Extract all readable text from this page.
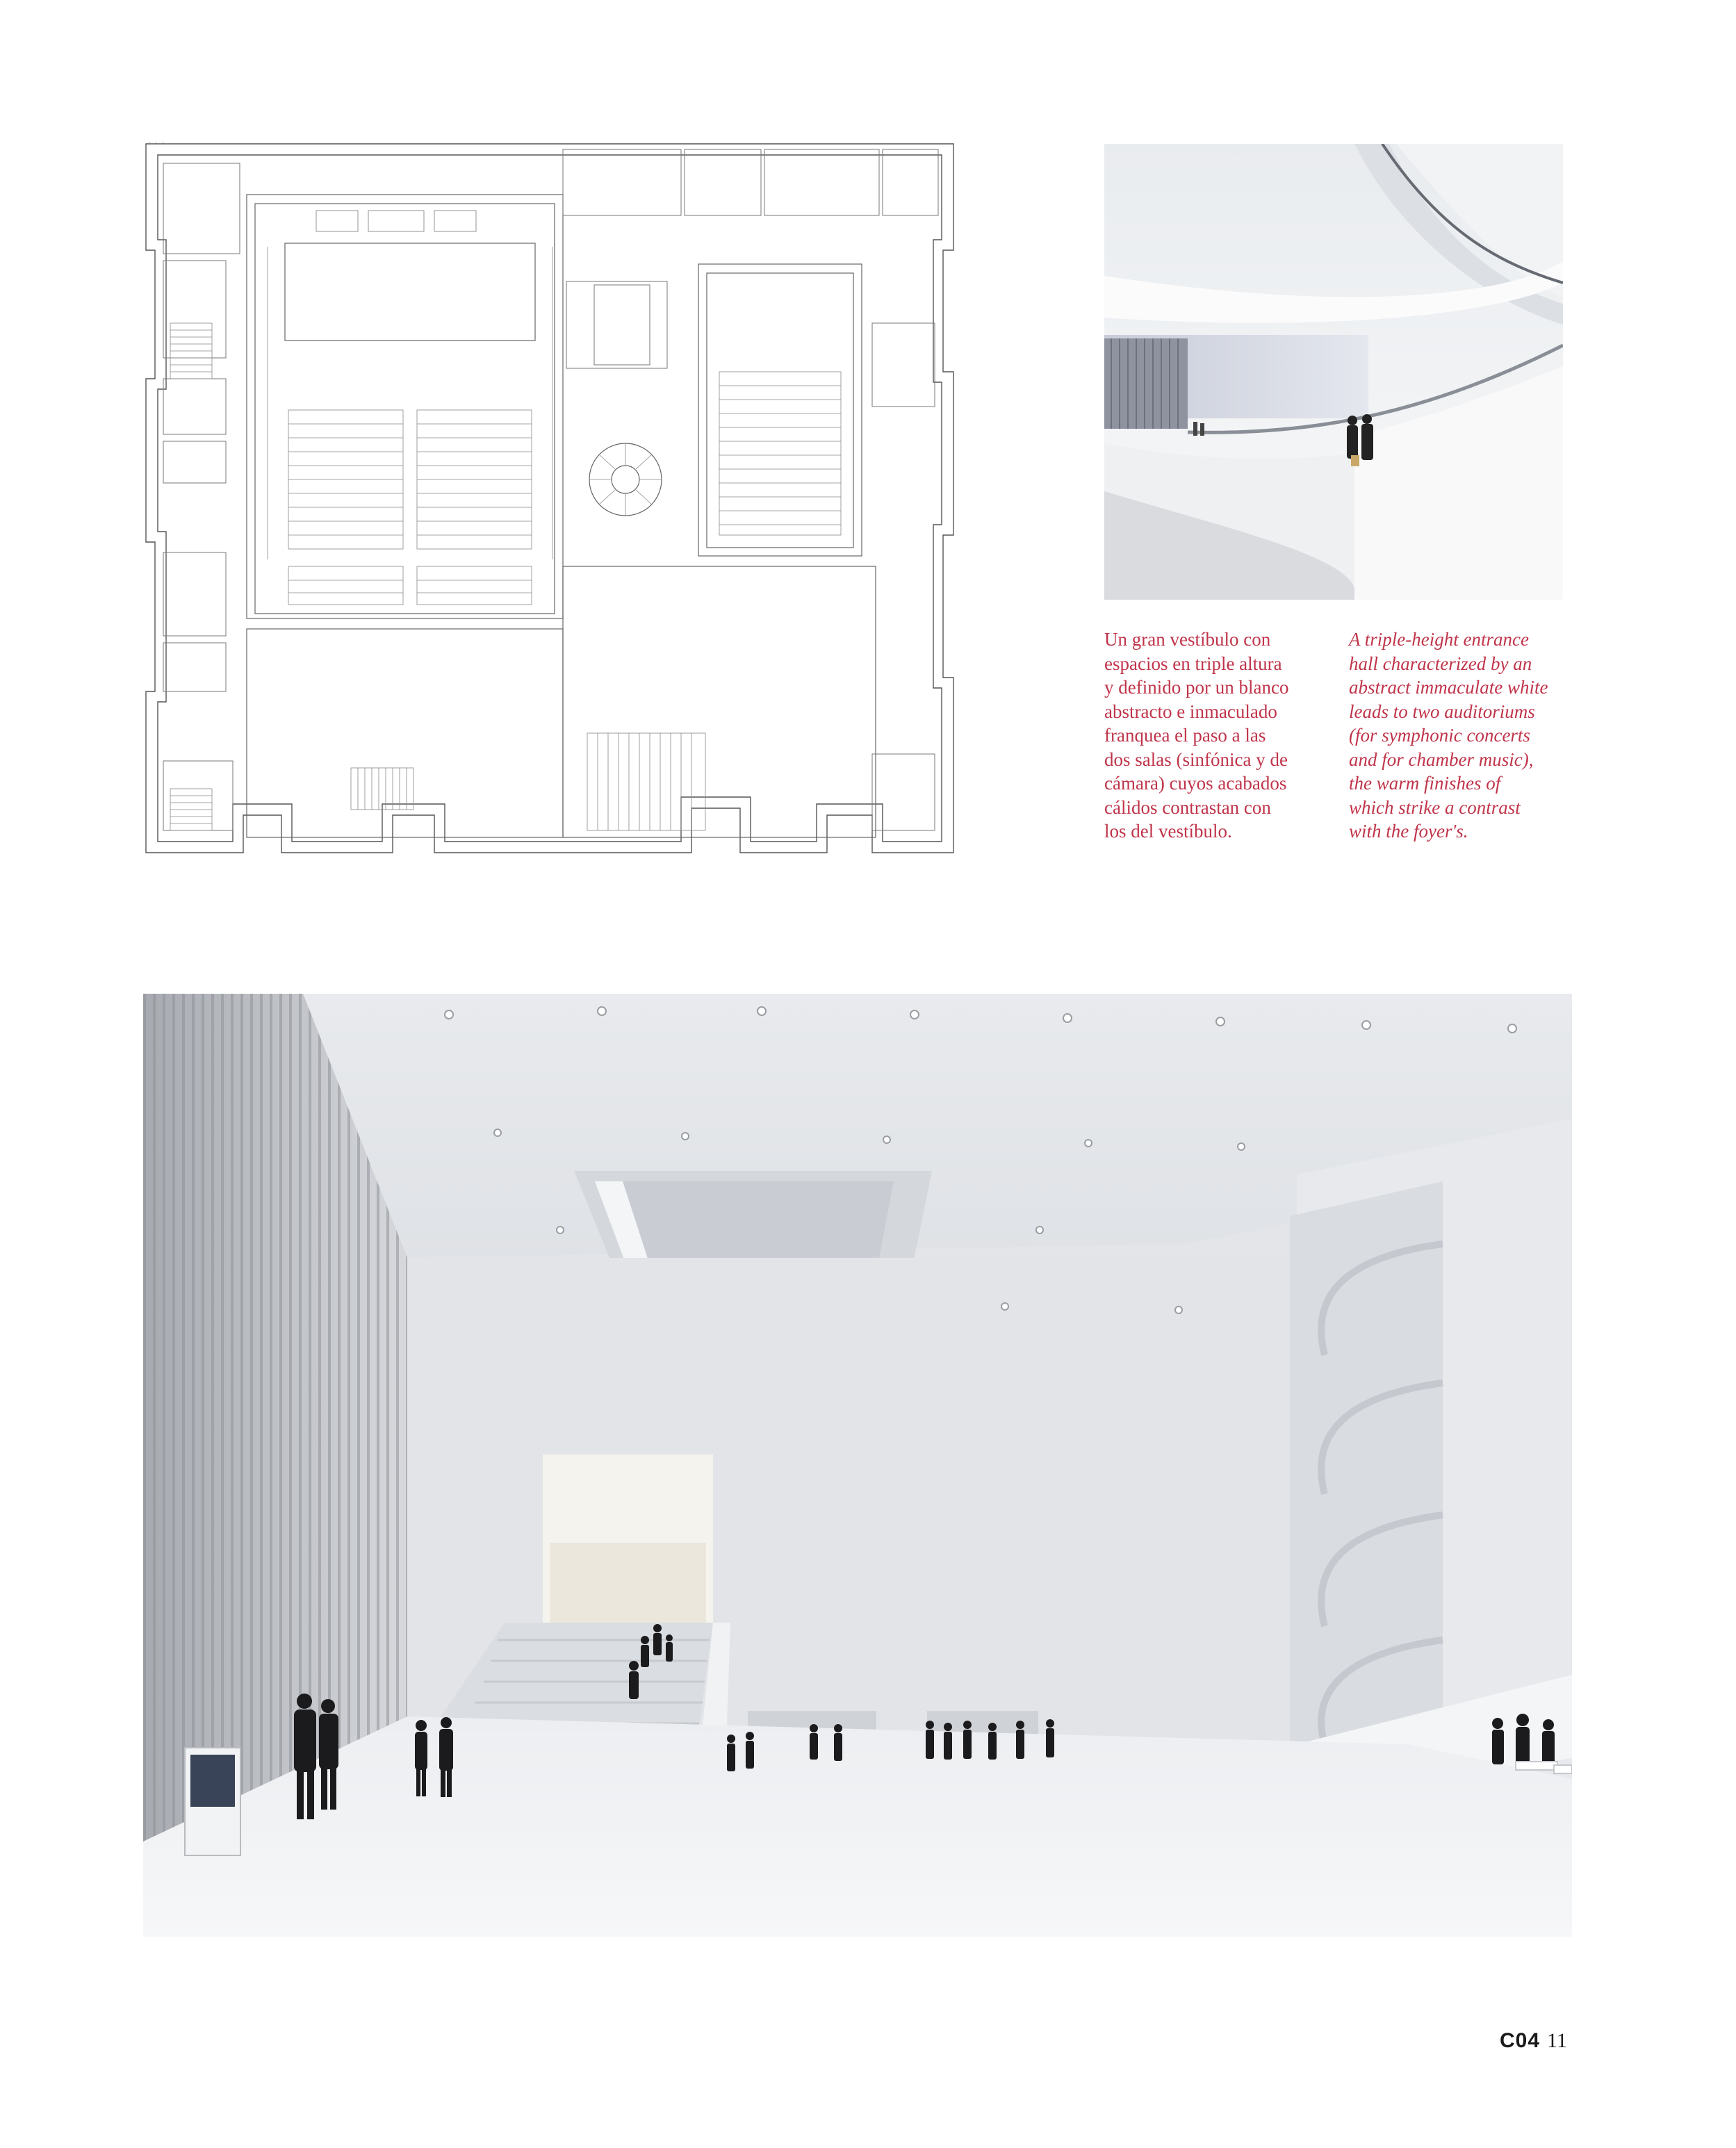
Un gran vestíbulo con
espacios en triple altura
y definido por un blanco
abstracto e inmaculado
franquea el paso a las
dos salas (sinfónica y de
cámara) cuyos acabados
cálidos contrastan con
los del vestíbulo.
A triple-height entrance
hall characterized by an
abstract immaculate white
leads to two auditoriums
(for symphonic concerts
and for chamber music),
the warm finishes of
which strike a contrast
with the foyer's.
C04 11
